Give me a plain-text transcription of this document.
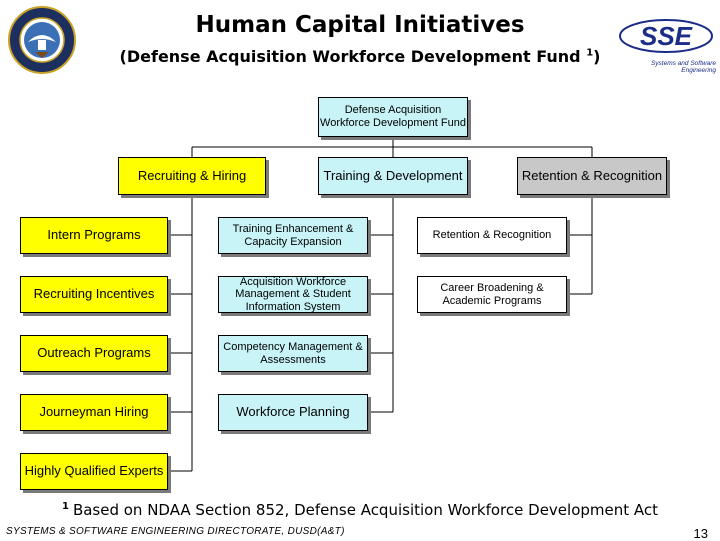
Human Capital Initiatives
(Defense Acquisition Workforce Development Fund $^1$)
SSE
Systems and Software Engineering
Defense Acquisition Workforce Development Fund
Recruiting & Hiring	Training & Development	Retention & Recognition
Intern Programs
Recruiting Incentives
Outreach Programs
Journeyman Hiring
Highly Qualified Experts
Training Enhancement & Capacity Expansion
Acquisition Workforce Management & Student Information System
Competency Management & Assessments
Workforce Planning
Retention & Recognition
Career Broadening & Academic Programs
$^1$ Based on NDAA Section 852, Defense Acquisition Workforce Development Act
SYSTEMS & SOFTWARE ENGINEERING DIRECTORATE, DUSD(A&T)	13
